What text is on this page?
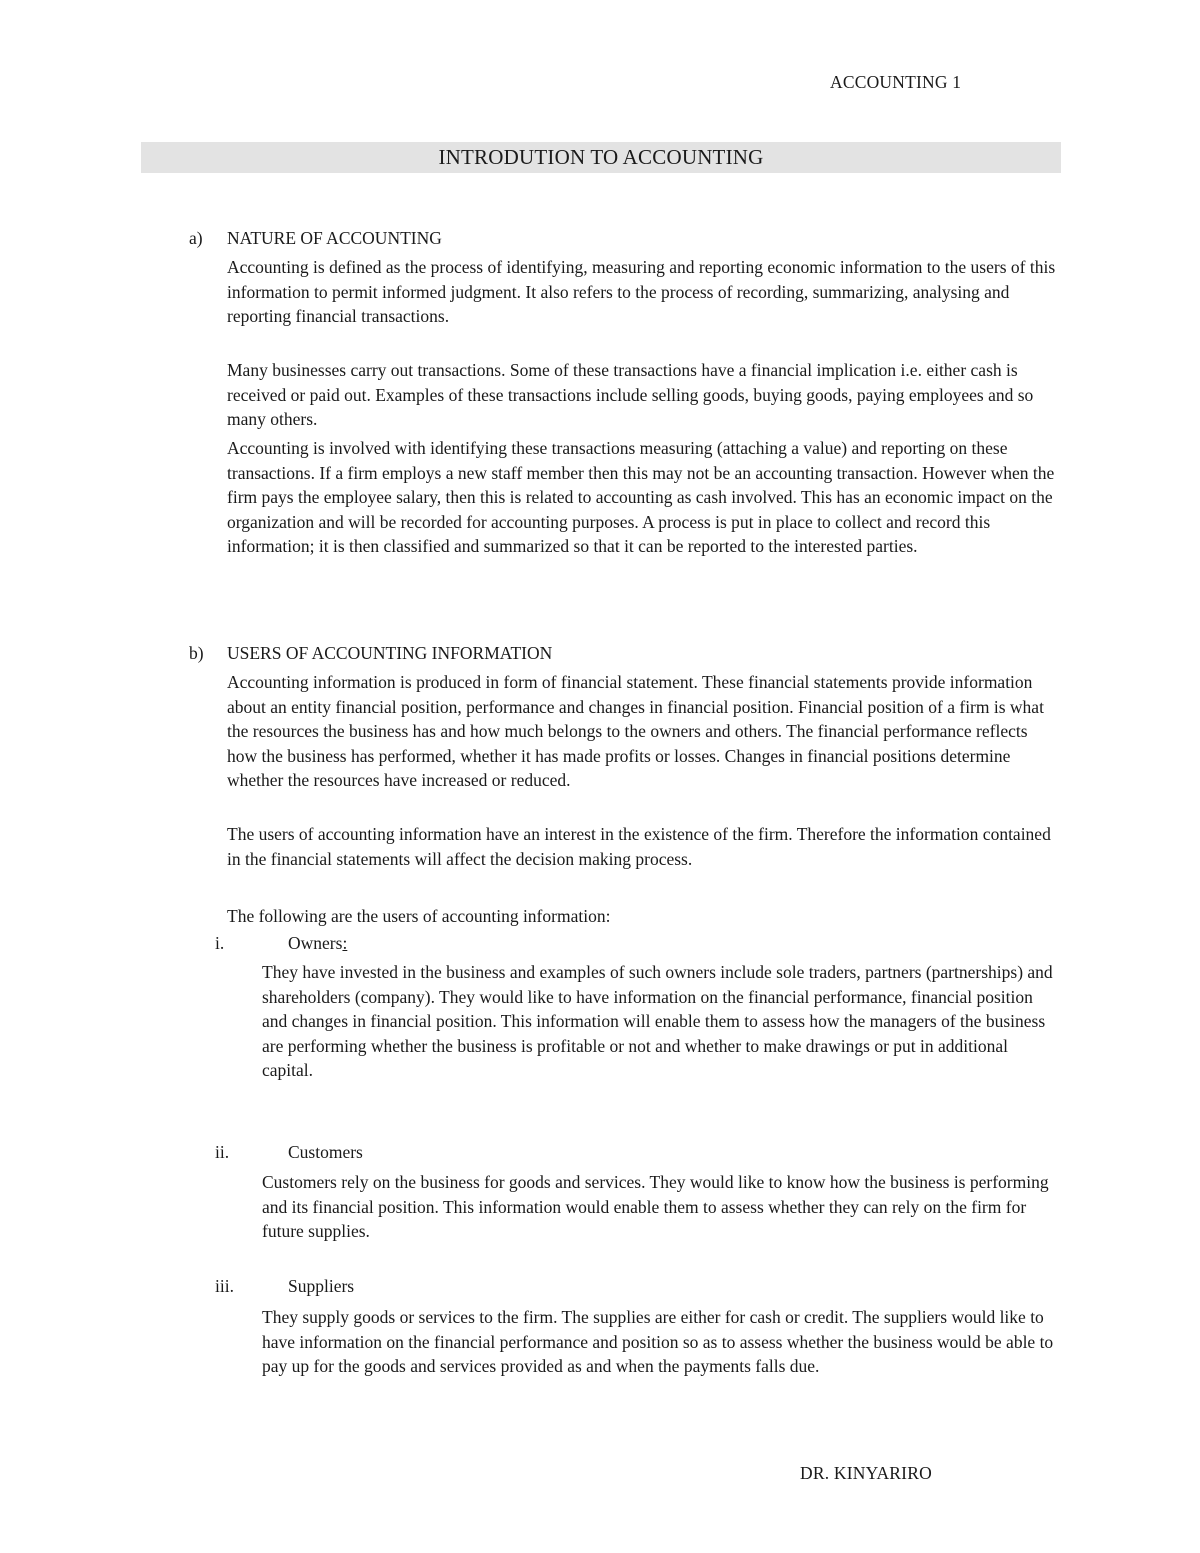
ACCOUNTING 1
INTRODUTION TO ACCOUNTING
a) NATURE OF ACCOUNTING

Accounting is defined as the process of identifying, measuring and reporting economic information to the users of this information to permit informed judgment. It also refers to the process of recording, summarizing, analysing and reporting financial transactions.

Many businesses carry out transactions. Some of these transactions have a financial implication i.e. either cash is received or paid out. Examples of these transactions include selling goods, buying goods, paying employees and so many others.

Accounting is involved with identifying these transactions measuring (attaching a value) and reporting on these transactions. If a firm employs a new staff member then this may not be an accounting transaction. However when the firm pays the employee salary, then this is related to accounting as cash involved. This has an economic impact on the organization and will be recorded for accounting purposes. A process is put in place to collect and record this information; it is then classified and summarized so that it can be reported to the interested parties.

b) USERS OF ACCOUNTING INFORMATION

Accounting information is produced in form of financial statement. These financial statements provide information about an entity financial position, performance and changes in financial position. Financial position of a firm is what the resources the business has and how much belongs to the owners and others. The financial performance reflects how the business has performed, whether it has made profits or losses. Changes in financial positions determine whether the resources have increased or reduced.

The users of accounting information have an interest in the existence of the firm. Therefore the information contained in the financial statements will affect the decision making process.

The following are the users of accounting information:

i.	Owners:

They have invested in the business and examples of such owners include sole traders, partners (partnerships) and shareholders (company). They would like to have information on the financial performance, financial position and changes in financial position. This information will enable them to assess how the managers of the business are performing whether the business is profitable or not and whether to make drawings or put in additional capital.

ii.	Customers

Customers rely on the business for goods and services. They would like to know how the business is performing and its financial position. This information would enable them to assess whether they can rely on the firm for future supplies.

iii.	Suppliers

They supply goods or services to the firm. The supplies are either for cash or credit. The suppliers would like to have information on the financial performance and position so as to assess whether the business would be able to pay up for the goods and services provided as and when the payments falls due.

DR. KINYARIRO
